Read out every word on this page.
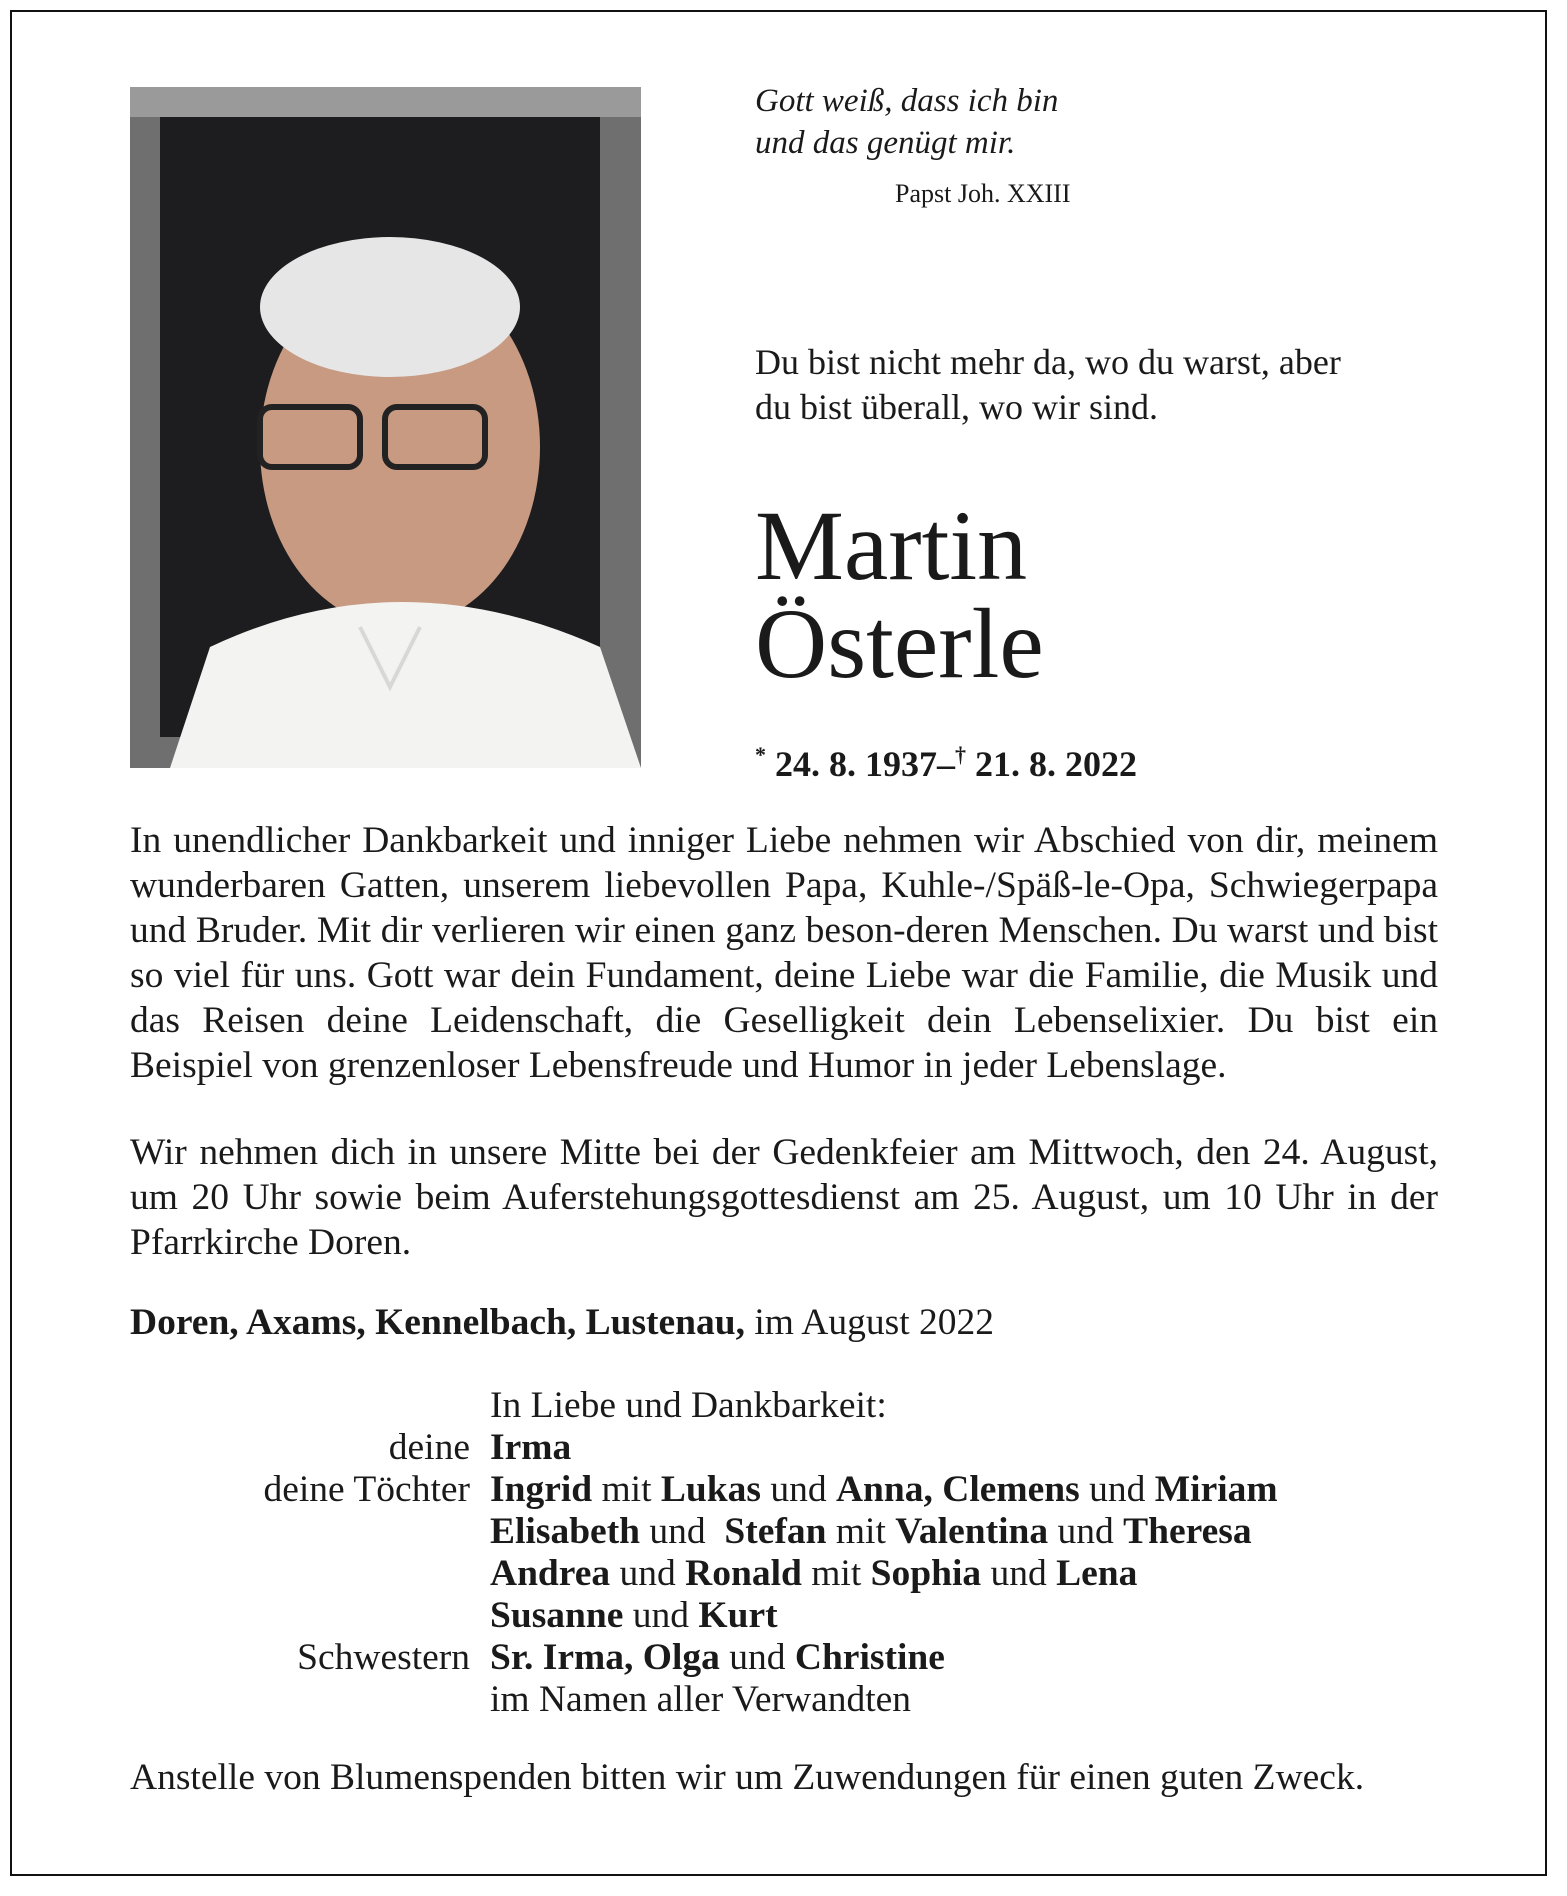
Gott weiß, dass ich bin
und das genügt mir.
Papst Joh. XXIII
Du bist nicht mehr da, wo du warst, aber
du bist überall, wo wir sind.
Martin
Österle
* 24. 8. 1937–† 21. 8. 2022

In unendlicher Dankbarkeit und inniger Liebe nehmen wir Abschied von dir, meinem wunderbaren Gatten, unserem liebevollen Papa, Kuhle-/Späß-le-Opa, Schwiegerpapa und Bruder. Mit dir verlieren wir einen ganz beson-deren Menschen. Du warst und bist so viel für uns. Gott war dein Fundament, deine Liebe war die Familie, die Musik und das Reisen deine Leidenschaft, die Geselligkeit dein Lebenselixier. Du bist ein Beispiel von grenzenloser Lebensfreude und Humor in jeder Lebenslage.

Wir nehmen dich in unsere Mitte bei der Gedenkfeier am Mittwoch, den 24. August, um 20 Uhr sowie beim Auferstehungsgottesdienst am 25. August, um 10 Uhr in der Pfarrkirche Doren.

Doren, Axams, Kennelbach, Lustenau, im August 2022
In Liebe und Dankbarkeit:
deine Irma
deine Töchter Ingrid mit Lukas und Anna, Clemens und Miriam
Elisabeth und  Stefan mit Valentina und Theresa
Andrea und Ronald mit Sophia und Lena
Susanne und Kurt
Schwestern Sr. Irma, Olga und Christine
im Namen aller Verwandten

Anstelle von Blumenspenden bitten wir um Zuwendungen für einen guten Zweck.
